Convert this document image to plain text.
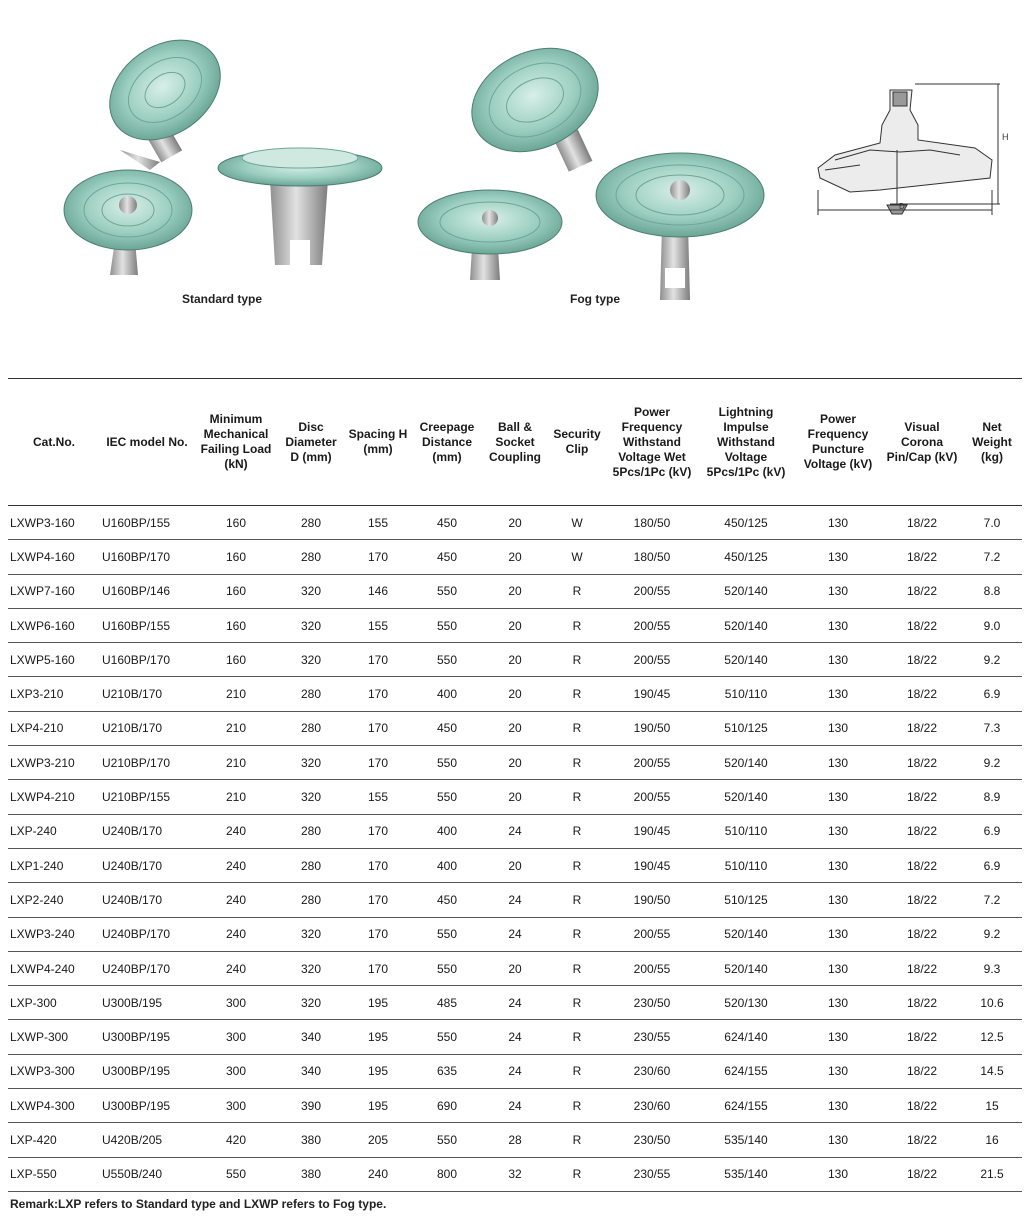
H
D
Standard type	Fog type
Cat.No.	IEC model No.	Minimum Mechanical Failing Load (kN)	Disc Diameter D (mm)	Spacing H (mm)	Creepage Distance (mm)	Ball & Socket Coupling	Security Clip	Power Frequency Withstand Voltage Wet 5Pcs/1Pc (kV)	Lightning Impulse Withstand Voltage 5Pcs/1Pc (kV)	Power Frequency Puncture Voltage (kV)	Visual Corona Pin/Cap (kV)	Net Weight (kg)
LXWP3-160	U160BP/155	160	280	155	450	20	W	180/50	450/125	130	18/22	7.0
LXWP4-160	U160BP/170	160	280	170	450	20	W	180/50	450/125	130	18/22	7.2
LXWP7-160	U160BP/146	160	320	146	550	20	R	200/55	520/140	130	18/22	8.8
LXWP6-160	U160BP/155	160	320	155	550	20	R	200/55	520/140	130	18/22	9.0
LXWP5-160	U160BP/170	160	320	170	550	20	R	200/55	520/140	130	18/22	9.2
LXP3-210	U210B/170	210	280	170	400	20	R	190/45	510/110	130	18/22	6.9
LXP4-210	U210B/170	210	280	170	450	20	R	190/50	510/125	130	18/22	7.3
LXWP3-210	U210BP/170	210	320	170	550	20	R	200/55	520/140	130	18/22	9.2
LXWP4-210	U210BP/155	210	320	155	550	20	R	200/55	520/140	130	18/22	8.9
LXP-240	U240B/170	240	280	170	400	24	R	190/45	510/110	130	18/22	6.9
LXP1-240	U240B/170	240	280	170	400	20	R	190/45	510/110	130	18/22	6.9
LXP2-240	U240B/170	240	280	170	450	24	R	190/50	510/125	130	18/22	7.2
LXWP3-240	U240BP/170	240	320	170	550	24	R	200/55	520/140	130	18/22	9.2
LXWP4-240	U240BP/170	240	320	170	550	20	R	200/55	520/140	130	18/22	9.3
LXP-300	U300B/195	300	320	195	485	24	R	230/50	520/130	130	18/22	10.6
LXWP-300	U300BP/195	300	340	195	550	24	R	230/55	624/140	130	18/22	12.5
LXWP3-300	U300BP/195	300	340	195	635	24	R	230/60	624/155	130	18/22	14.5
LXWP4-300	U300BP/195	300	390	195	690	24	R	230/60	624/155	130	18/22	15
LXP-420	U420B/205	420	380	205	550	28	R	230/50	535/140	130	18/22	16
LXP-550	U550B/240	550	380	240	800	32	R	230/55	535/140	130	18/22	21.5
Remark:LXP refers to Standard type and LXWP refers to Fog type.
